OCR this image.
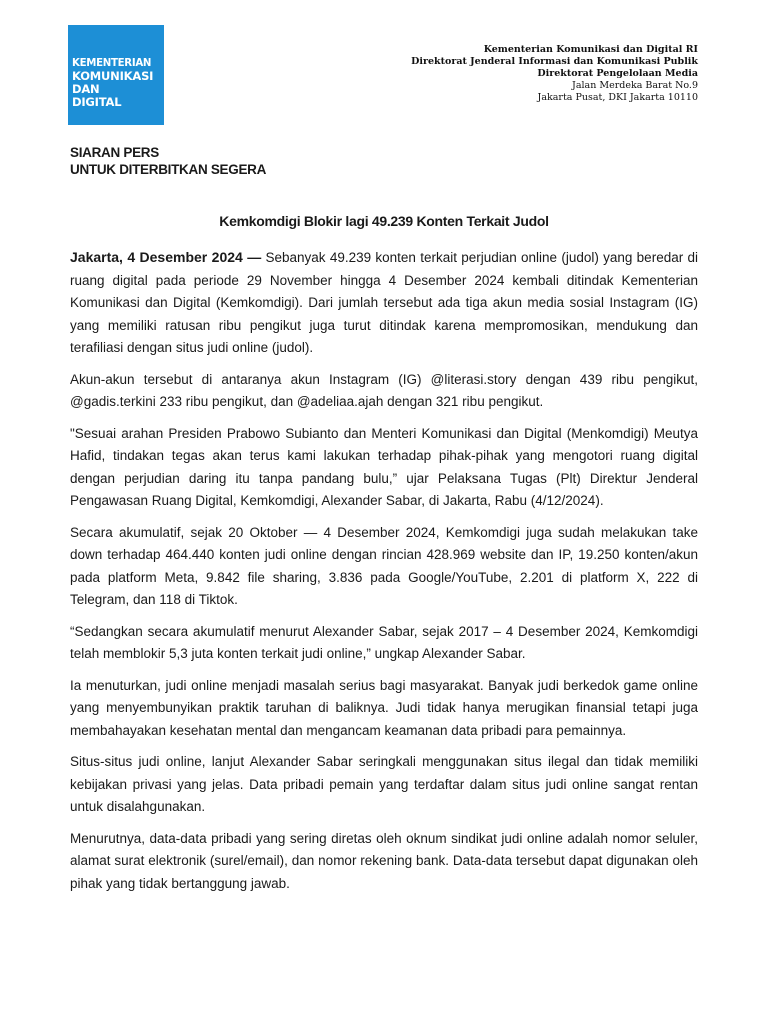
KEMENTERIAN
KOMUNIKASI
DAN
DIGITAL
Kementerian Komunikasi dan Digital RI
Direktorat Jenderal Informasi dan Komunikasi Publik
Direktorat Pengelolaan Media
Jalan Merdeka Barat No.9
Jakarta Pusat, DKI Jakarta 10110
SIARAN PERS
UNTUK DITERBITKAN SEGERA
Kemkomdigi Blokir lagi 49.239 Konten Terkait Judol

Jakarta, 4 Desember 2024 — Sebanyak 49.239 konten terkait perjudian online (judol) yang beredar di ruang digital pada periode 29 November hingga 4 Desember 2024 kembali ditindak Kementerian Komunikasi dan Digital (Kemkomdigi). Dari jumlah tersebut ada tiga akun media sosial Instagram (IG) yang memiliki ratusan ribu pengikut juga turut ditindak karena mempromosikan, mendukung dan terafiliasi dengan situs judi online (judol).

Akun-akun tersebut di antaranya akun Instagram (IG) @literasi.story dengan 439 ribu pengikut, @gadis.terkini 233 ribu pengikut, dan @adeliaa.ajah dengan 321 ribu pengikut.

"Sesuai arahan Presiden Prabowo Subianto dan Menteri Komunikasi dan Digital (Menkomdigi) Meutya Hafid, tindakan tegas akan terus kami lakukan terhadap pihak-pihak yang mengotori ruang digital dengan perjudian daring itu tanpa pandang bulu,” ujar Pelaksana Tugas (Plt) Direktur Jenderal Pengawasan Ruang Digital, Kemkomdigi, Alexander Sabar, di Jakarta, Rabu (4/12/2024).

Secara akumulatif, sejak 20 Oktober — 4 Desember 2024, Kemkomdigi juga sudah melakukan take down terhadap 464.440 konten judi online dengan rincian 428.969 website dan IP, 19.250 konten/akun pada platform Meta, 9.842 file sharing, 3.836 pada Google/YouTube, 2.201 di platform X, 222 di Telegram, dan 118 di Tiktok.

“Sedangkan secara akumulatif menurut Alexander Sabar, sejak 2017 – 4 Desember 2024, Kemkomdigi telah memblokir 5,3 juta konten terkait judi online,” ungkap Alexander Sabar.

Ia menuturkan, judi online menjadi masalah serius bagi masyarakat. Banyak judi berkedok game online yang menyembunyikan praktik taruhan di baliknya. Judi tidak hanya merugikan finansial tetapi juga membahayakan kesehatan mental dan mengancam keamanan data pribadi para pemainnya.

Situs-situs judi online, lanjut Alexander Sabar seringkali menggunakan situs ilegal dan tidak memiliki kebijakan privasi yang jelas. Data pribadi pemain yang terdaftar dalam situs judi online sangat rentan untuk disalahgunakan.

Menurutnya, data-data pribadi yang sering diretas oleh oknum sindikat judi online adalah nomor seluler, alamat surat elektronik (surel/email), dan nomor rekening bank. Data-data tersebut dapat digunakan oleh pihak yang tidak bertanggung jawab.
